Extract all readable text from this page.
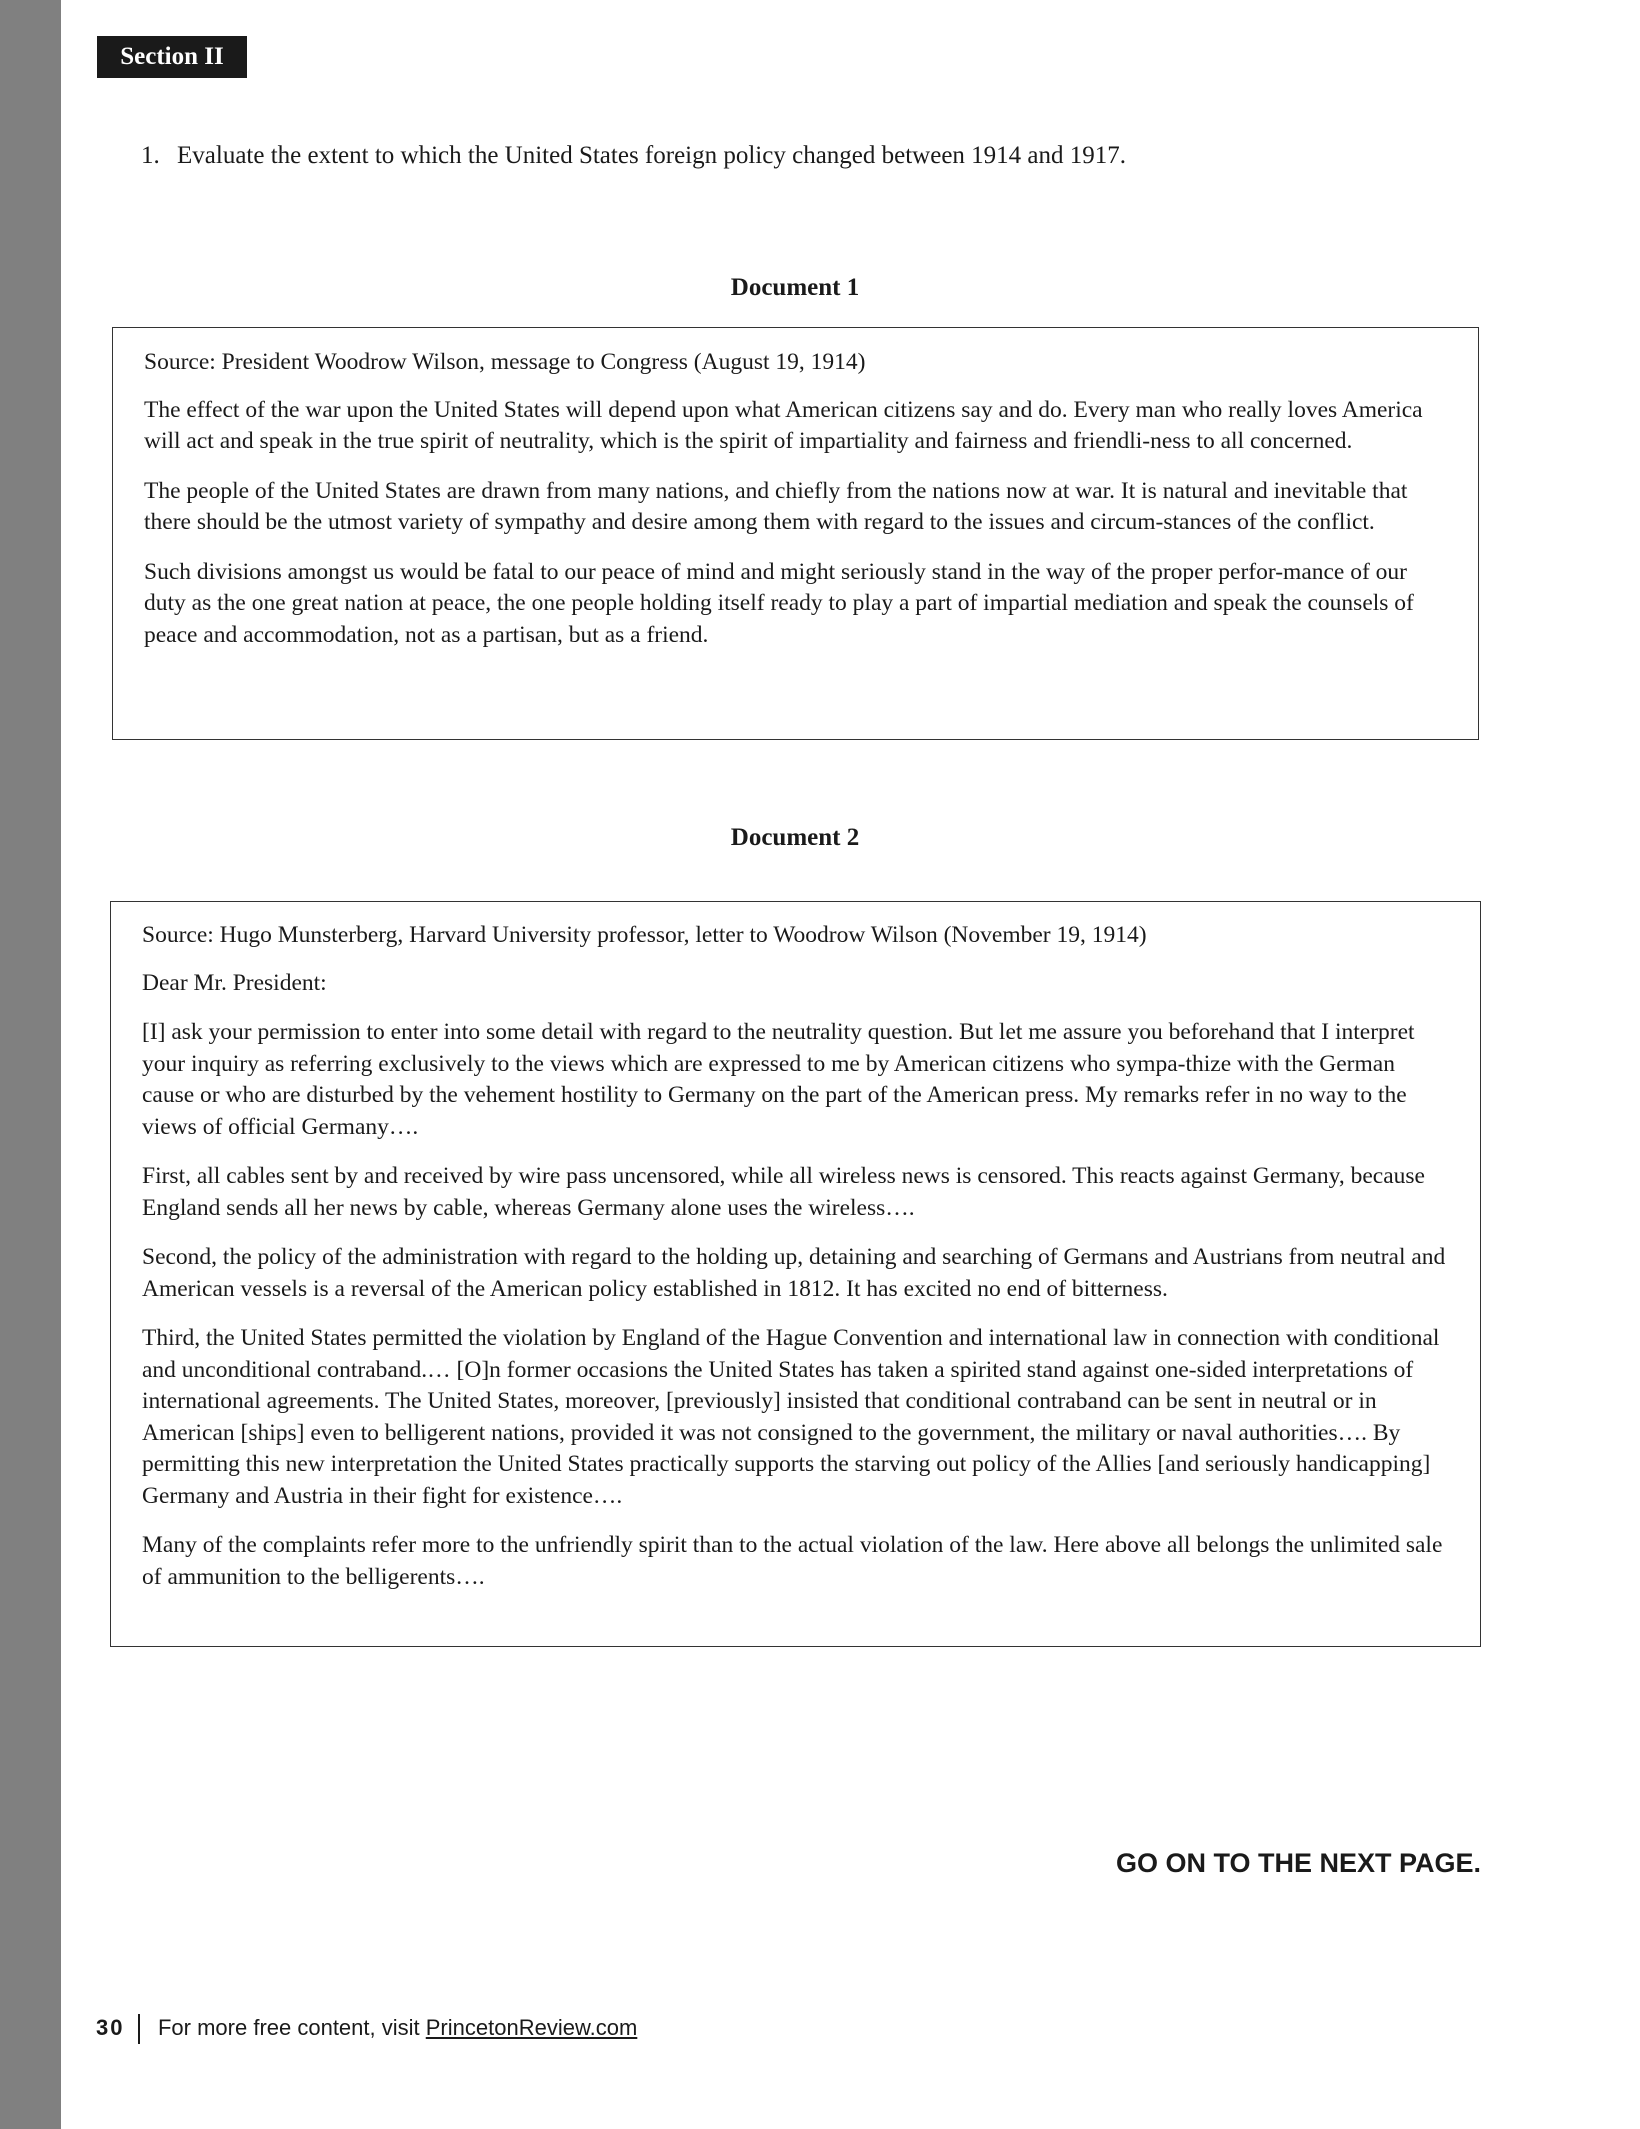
Section II
1. Evaluate the extent to which the United States foreign policy changed between 1914 and 1917.
Document 1

Source: President Woodrow Wilson, message to Congress (August 19, 1914)

The effect of the war upon the United States will depend upon what American citizens say and do. Every man who really loves America will act and speak in the true spirit of neutrality, which is the spirit of impartiality and fairness and friendli-ness to all concerned.

The people of the United States are drawn from many nations, and chiefly from the nations now at war. It is natural and inevitable that there should be the utmost variety of sympathy and desire among them with regard to the issues and circum-stances of the conflict.

Such divisions amongst us would be fatal to our peace of mind and might seriously stand in the way of the proper perfor-mance of our duty as the one great nation at peace, the one people holding itself ready to play a part of impartial mediation and speak the counsels of peace and accommodation, not as a partisan, but as a friend.

Document 2

Source: Hugo Munsterberg, Harvard University professor, letter to Woodrow Wilson (November 19, 1914)

Dear Mr. President:

[I] ask your permission to enter into some detail with regard to the neutrality question. But let me assure you beforehand that I interpret your inquiry as referring exclusively to the views which are expressed to me by American citizens who sympa-thize with the German cause or who are disturbed by the vehement hostility to Germany on the part of the American press. My remarks refer in no way to the views of official Germany….

First, all cables sent by and received by wire pass uncensored, while all wireless news is censored. This reacts against Germany, because England sends all her news by cable, whereas Germany alone uses the wireless….

Second, the policy of the administration with regard to the holding up, detaining and searching of Germans and Austrians from neutral and American vessels is a reversal of the American policy established in 1812. It has excited no end of bitterness.

Third, the United States permitted the violation by England of the Hague Convention and international law in connection with conditional and unconditional contraband.… [O]n former occasions the United States has taken a spirited stand against one-sided interpretations of international agreements. The United States, moreover, [previously] insisted that conditional contraband can be sent in neutral or in American [ships] even to belligerent nations, provided it was not consigned to the government, the military or naval authorities…. By permitting this new interpretation the United States practically supports the starving out policy of the Allies [and seriously handicapping] Germany and Austria in their fight for existence….

Many of the complaints refer more to the unfriendly spirit than to the actual violation of the law. Here above all belongs the unlimited sale of ammunition to the belligerents….

GO ON TO THE NEXT PAGE.
30 For more free content, visit PrincetonReview.com
